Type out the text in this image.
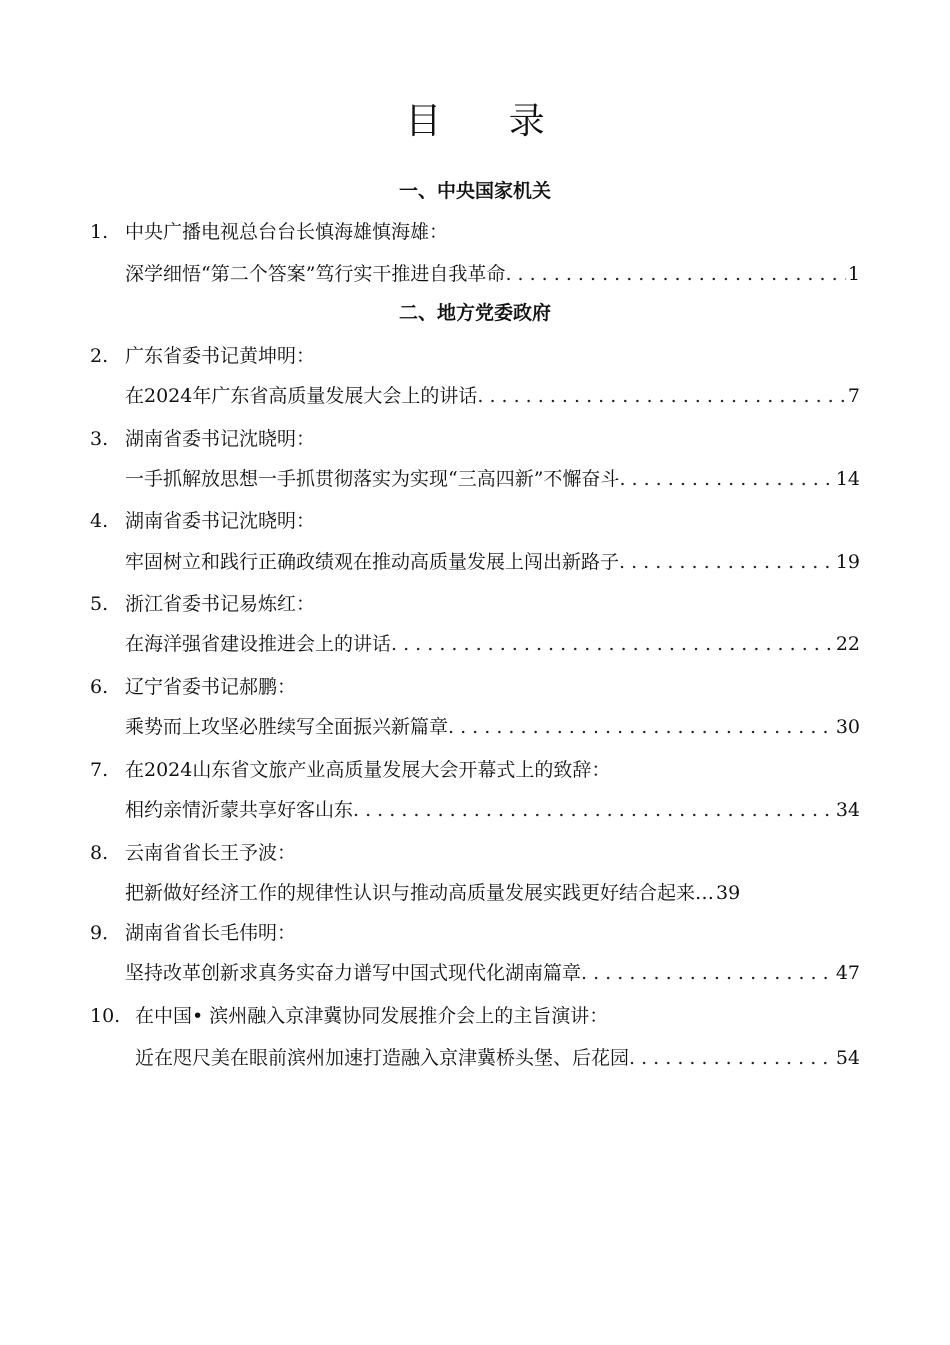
目 录
一、中央国家机关
1. 中央广播电视总台台长慎海雄慎海雄：
深学细悟“第二个答案”笃行实干推进自我革命 . . .	1
二、地方党委政府
2. 广东省委书记黄坤明：
在2024年广东省高质量发展大会上的讲话 . . .	7
3. 湖南省委书记沈晓明：
一手抓解放思想一手抓贯彻落实为实现“三高四新”不懈奋斗 . . .	14
4. 湖南省委书记沈晓明：
牢固树立和践行正确政绩观在推动高质量发展上闯出新路子 . . .	19
5. 浙江省委书记易炼红：
在海洋强省建设推进会上的讲话 . . .	22
6. 辽宁省委书记郝鹏：
乘势而上攻坚必胜续写全面振兴新篇章 . . .	30
7. 在2024山东省文旅产业高质量发展大会开幕式上的致辞：
相约亲情沂蒙共享好客山东 . . .	34
8. 云南省省长王予波：
把新做好经济工作的规律性认识与推动高质量发展实践更好结合起来… 39
9． 湖南省省长毛伟明：
坚持改革创新求真务实奋力谱写中国式现代化湖南篇章 . . .	47
10. 在中国• 滨州融入京津冀协同发展推介会上的主旨演讲：
近在咫尺美在眼前滨州加速打造融入京津冀桥头堡、后花园 . . .	54
